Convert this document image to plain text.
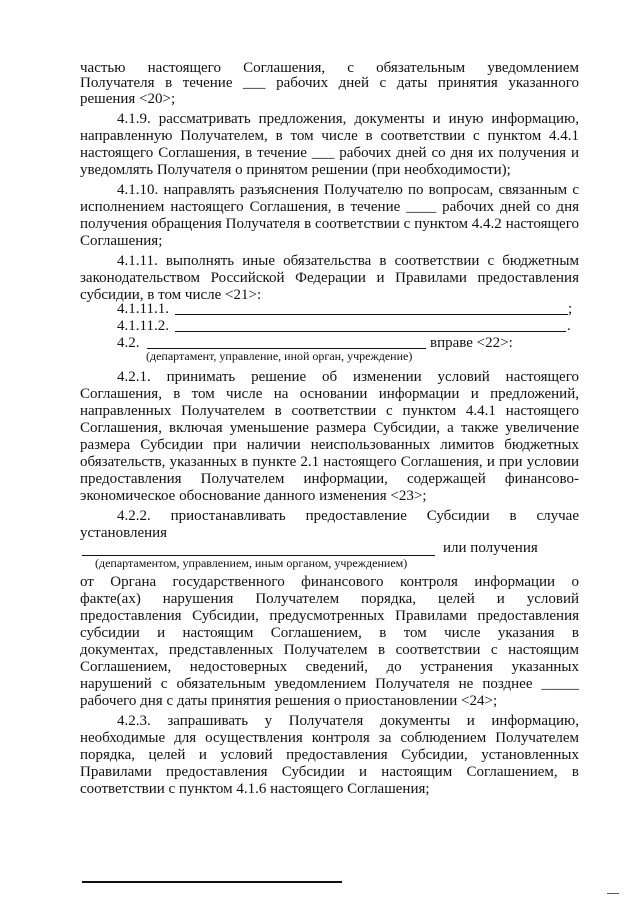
частью настоящего Соглашения, с обязательным уведомлением
Получателя в течение ___ рабочих дней с даты принятия указанного
решения <20>;
4.1.9. рассматривать предложения, документы и иную информацию,
направленную Получателем, в том числе в соответствии с пунктом 4.4.1
настоящего Соглашения, в течение ___ рабочих дней со дня их получения и
уведомлять Получателя о принятом решении (при необходимости);
4.1.10. направлять разъяснения Получателю по вопросам, связанным с
исполнением настоящего Соглашения, в течение ____ рабочих дней со дня
получения обращения Получателя в соответствии с пунктом 4.4.2 настоящего
Соглашения;
4.1.11. выполнять иные обязательства в соответствии с бюджетным
законодательством Российской Федерации и Правилами предоставления
субсидии, в том числе <21>:
4.1.11.1.	;
4.1.11.2.	.
4.2.	вправе <22>:
(департамент, управление, иной орган, учреждение)
4.2.1. принимать решение об изменении условий настоящего
Соглашения, в том числе на основании информации и предложений,
направленных Получателем в соответствии с пунктом 4.4.1 настоящего
Соглашения, включая уменьшение размера Субсидии, а также увеличение
размера Субсидии при наличии неиспользованных лимитов бюджетных
обязательств, указанных в пункте 2.1 настоящего Соглашения, и при условии
предоставления Получателем информации, содержащей финансово-
экономическое обоснование данного изменения <23>;
4.2.2. приостанавливать предоставление Субсидии в случае
установления
или получения
(департаментом, управлением, иным органом, учреждением)
от Органа государственного финансового контроля информации о
факте(ах) нарушения Получателем порядка, целей и условий
предоставления Субсидии, предусмотренных Правилами предоставления
субсидии и настоящим Соглашением, в том числе указания в
документах, представленных Получателем в соответствии с настоящим
Соглашением, недостоверных сведений, до устранения указанных
нарушений с обязательным уведомлением Получателя не позднее _____
рабочего дня с даты принятия решения о приостановлении <24>;
4.2.3. запрашивать у Получателя документы и информацию,
необходимые для осуществления контроля за соблюдением Получателем
порядка, целей и условий предоставления Субсидии, установленных
Правилами предоставления Субсидии и настоящим Соглашением, в
соответствии с пунктом 4.1.6 настоящего Соглашения;
